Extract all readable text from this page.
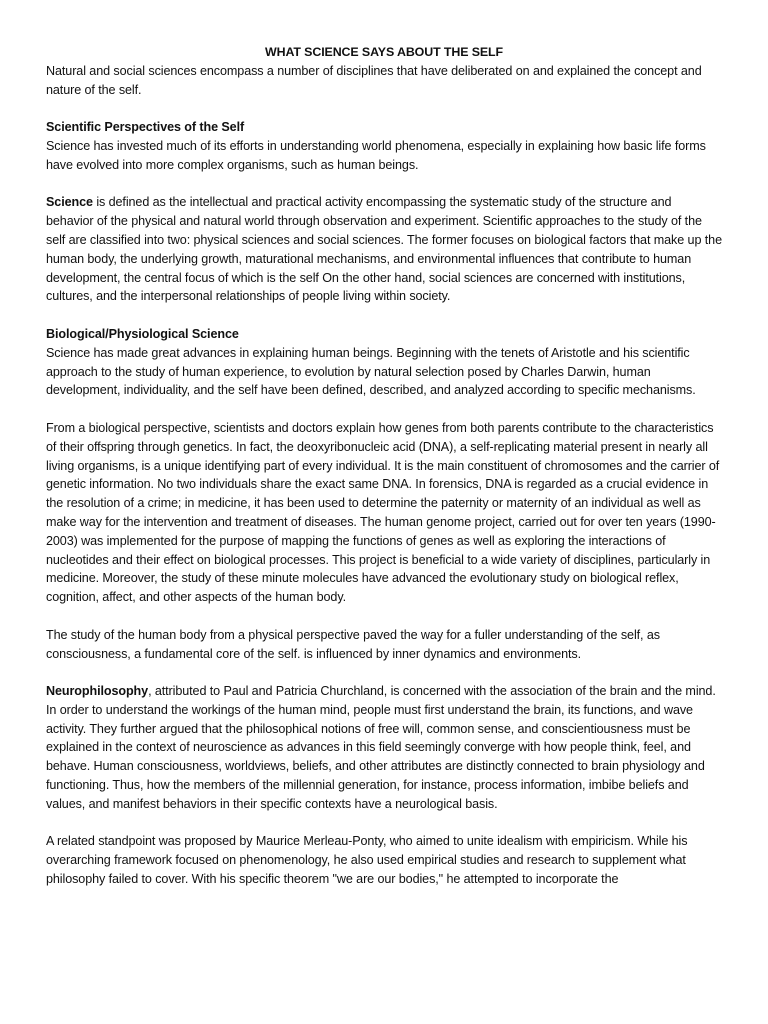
WHAT SCIENCE SAYS ABOUT THE SELF

Natural and social sciences encompass a number of disciplines that have deliberated on and explained the concept and nature of the self.

Scientific Perspectives of the Self
Science has invested much of its efforts in understanding world phenomena, especially in explaining how basic life forms have evolved into more complex organisms, such as human beings.

Science is defined as the intellectual and practical activity encompassing the systematic study of the structure and behavior of the physical and natural world through observation and experiment. Scientific approaches to the study of the self are classified into two: physical sciences and social sciences. The former focuses on biological factors that make up the human body, the underlying growth, maturational mechanisms, and environmental influences that contribute to human development, the central focus of which is the self On the other hand, social sciences are concerned with institutions, cultures, and the interpersonal relationships of people living within society.

Biological/Physiological Science
Science has made great advances in explaining human beings. Beginning with the tenets of Aristotle and his scientific approach to the study of human experience, to evolution by natural selection posed by Charles Darwin, human development, individuality, and the self have been defined, described, and analyzed according to specific mechanisms.

From a biological perspective, scientists and doctors explain how genes from both parents contribute to the characteristics of their offspring through genetics. In fact, the deoxyribonucleic acid (DNA), a self-replicating material present in nearly all living organisms, is a unique identifying part of every individual. It is the main constituent of chromosomes and the carrier of genetic information. No two individuals share the exact same DNA. In forensics, DNA is regarded as a crucial evidence in the resolution of a crime; in medicine, it has been used to determine the paternity or maternity of an individual as well as make way for the intervention and treatment of diseases. The human genome project, carried out for over ten years (1990-2003) was implemented for the purpose of mapping the functions of genes as well as exploring the interactions of nucleotides and their effect on biological processes. This project is beneficial to a wide variety of disciplines, particularly in medicine. Moreover, the study of these minute molecules have advanced the evolutionary study on biological reflex, cognition, affect, and other aspects of the human body.

The study of the human body from a physical perspective paved the way for a fuller understanding of the self, as consciousness, a fundamental core of the self. is influenced by inner dynamics and environments.

Neurophilosophy, attributed to Paul and Patricia Churchland, is concerned with the association of the brain and the mind. In order to understand the workings of the human mind, people must first understand the brain, its functions, and wave activity. They further argued that the philosophical notions of free will, common sense, and conscientiousness must be explained in the context of neuroscience as advances in this field seemingly converge with how people think, feel, and behave. Human consciousness, worldviews, beliefs, and other attributes are distinctly connected to brain physiology and functioning. Thus, how the members of the millennial generation, for instance, process information, imbibe beliefs and values, and manifest behaviors in their specific contexts have a neurological basis.

A related standpoint was proposed by Maurice Merleau-Ponty, who aimed to unite idealism with empiricism. While his overarching framework focused on phenomenology, he also used empirical studies and research to supplement what philosophy failed to cover. With his specific theorem "we are our bodies," he attempted to incorporate the
